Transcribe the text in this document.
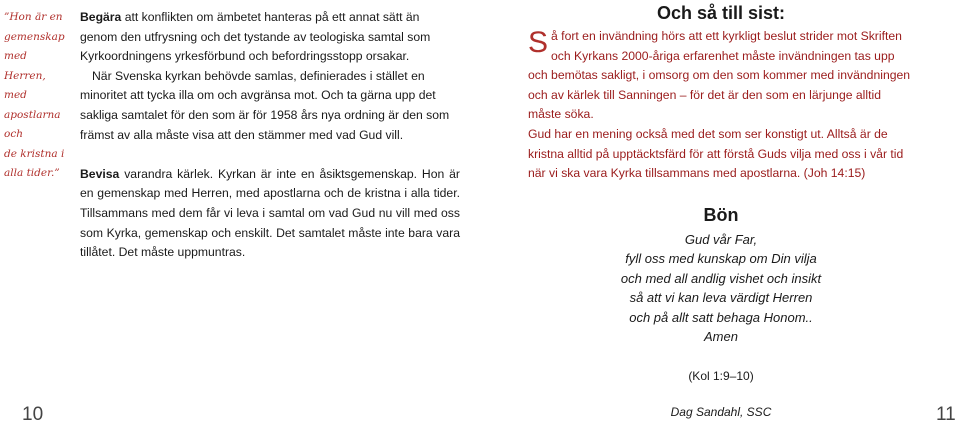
”Hon är en
gemenskap
med Herren,
med
apostlarna och
de kristna i
alla tider.”

Begära att konflikten om ämbetet hanteras på ett annat sätt än genom den utfrysning och det tystande av teologiska samtal som Kyrkoordningens yrkesförbund och befordringsstopp orsakar.

När Svenska kyrkan behövde samlas, definierades i stället en minoritet att tycka illa om och avgränsa mot. Och ta gärna upp det sakliga samtalet för den som är för 1958 års nya ordning är den som främst av alla måste visa att den stämmer med vad Gud vill.

Bevisa varandra kärlek. Kyrkan är inte en åsiktsgemenskap. Hon är en gemenskap med Herren, med apostlarna och de kristna i alla tider. Tillsammans med dem får vi leva i samtal om vad Gud nu vill med oss som Kyrka, gemenskap och enskilt. Det samtalet måste inte bara vara tillåtet. Det måste uppmuntras.

Och så till sist:
S å fort en invändning hörs att ett kyrkligt beslut strider mot Skriften och Kyrkans 2000-åriga erfarenhet måste invändningen tas upp och bemötas sakligt, i omsorg om den som kommer med invändningen och av kärlek till Sanningen – för det är den som en lärjunge alltid måste söka.

Gud har en mening också med det som ser konstigt ut. Alltså är de kristna alltid på upptäcktsfärd för att förstå Guds vilja med oss i vår tid när vi ska vara Kyrka tillsammans med apostlarna. (Joh 14:15)

Bön
Gud vår Far,
fyll oss med kunskap om Din vilja
och med all andlig vishet och insikt
så att vi kan leva värdigt Herren
och på allt satt behaga Honom..
Amen
(Kol 1:9–10)
Dag Sandahl, SSC
10	11
